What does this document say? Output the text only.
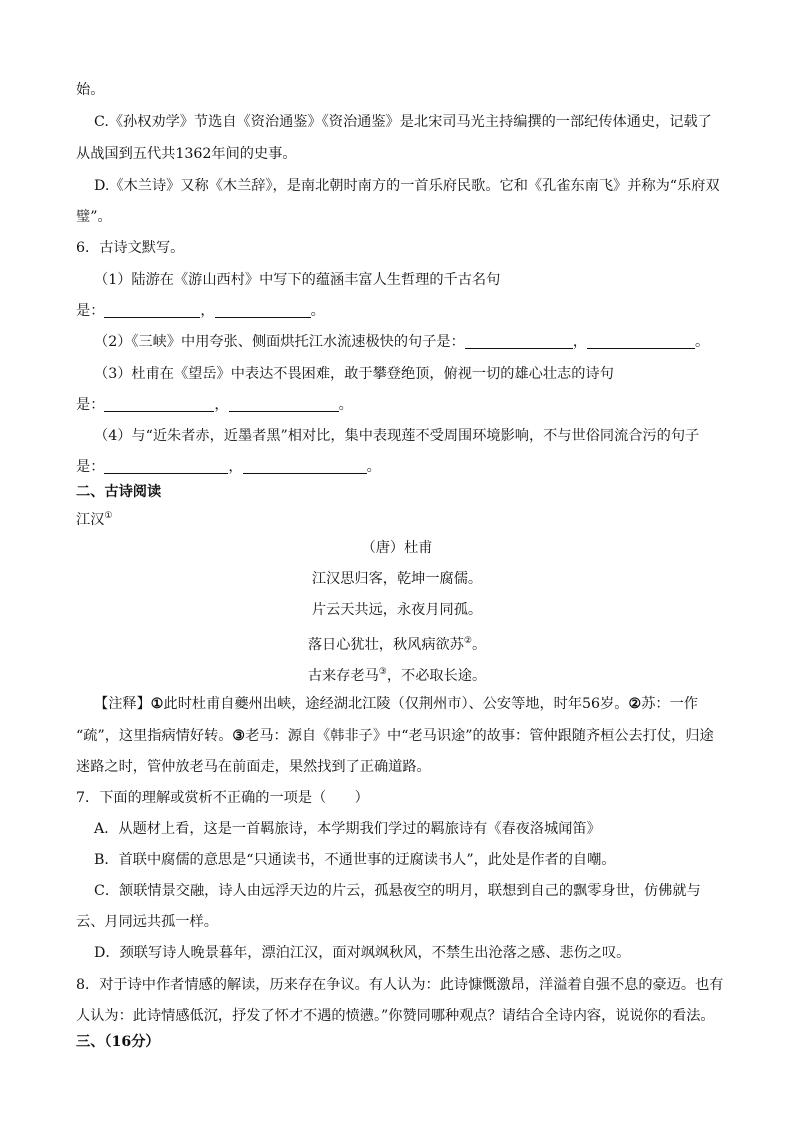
始。
C.《孙权劝学》节选自《资治通鉴》《资治通鉴》是北宋司马光主持编撰的一部纪传体通史，记载了
从战国到五代共1362年间的史事。
D.《木兰诗》又称《木兰辞》，是南北朝时南方的一首乐府民歌。它和《孔雀东南飞》并称为“乐府双
璧”。
6．古诗文默写。
（1）陆游在《游山西村》中写下的蕴涵丰富人生哲理的千古名句
是：	，	。
（2）《三峡》中用夸张、侧面烘托江水流速极快的句子是：	，	。
（3）杜甫在《望岳》中表达不畏困难，敢于攀登绝顶，俯视一切的雄心壮志的诗句
是：	，	。
（4）与“近朱者赤，近墨者黑”相对比，集中表现莲不受周围环境影响，不与世俗同流合污的句子
是：	，	。
二、古诗阅读
江汉①
（唐）杜甫
江汉思归客，乾坤一腐儒。
片云天共远，永夜月同孤。
落日心犹壮，秋风病欲苏②。
古来存老马③，不必取长途。
【注释】①此时杜甫自夔州出峡，途经湖北江陵（仅荆州市）、公安等地，时年56岁。②苏：一作
“疏”，这里指病情好转。③老马：源自《韩非子》中“老马识途”的故事：管仲跟随齐桓公去打仗，归途
迷路之时，管仲放老马在前面走，果然找到了正确道路。
7．下面的理解或赏析不正确的一项是（　　）
A．从题材上看，这是一首羁旅诗，本学期我们学过的羁旅诗有《春夜洛城闻笛》
B．首联中腐儒的意思是“只通读书，不通世事的迂腐读书人”，此处是作者的自嘲。
C．颔联情景交融，诗人由远浮天边的片云，孤悬夜空的明月，联想到自己的飘零身世，仿佛就与
云、月同远共孤一样。
D．颈联写诗人晚景暮年，漂泊江汉，面对飒飒秋风，不禁生出沧落之感、悲伤之叹。
8．对于诗中作者情感的解读，历来存在争议。有人认为：此诗慷慨激昂，洋溢着自强不息的豪迈。也有
人认为：此诗情感低沉，抒发了怀才不遇的愤懑。”你赞同哪种观点？请结合全诗内容，说说你的看法。
三、（16分）
